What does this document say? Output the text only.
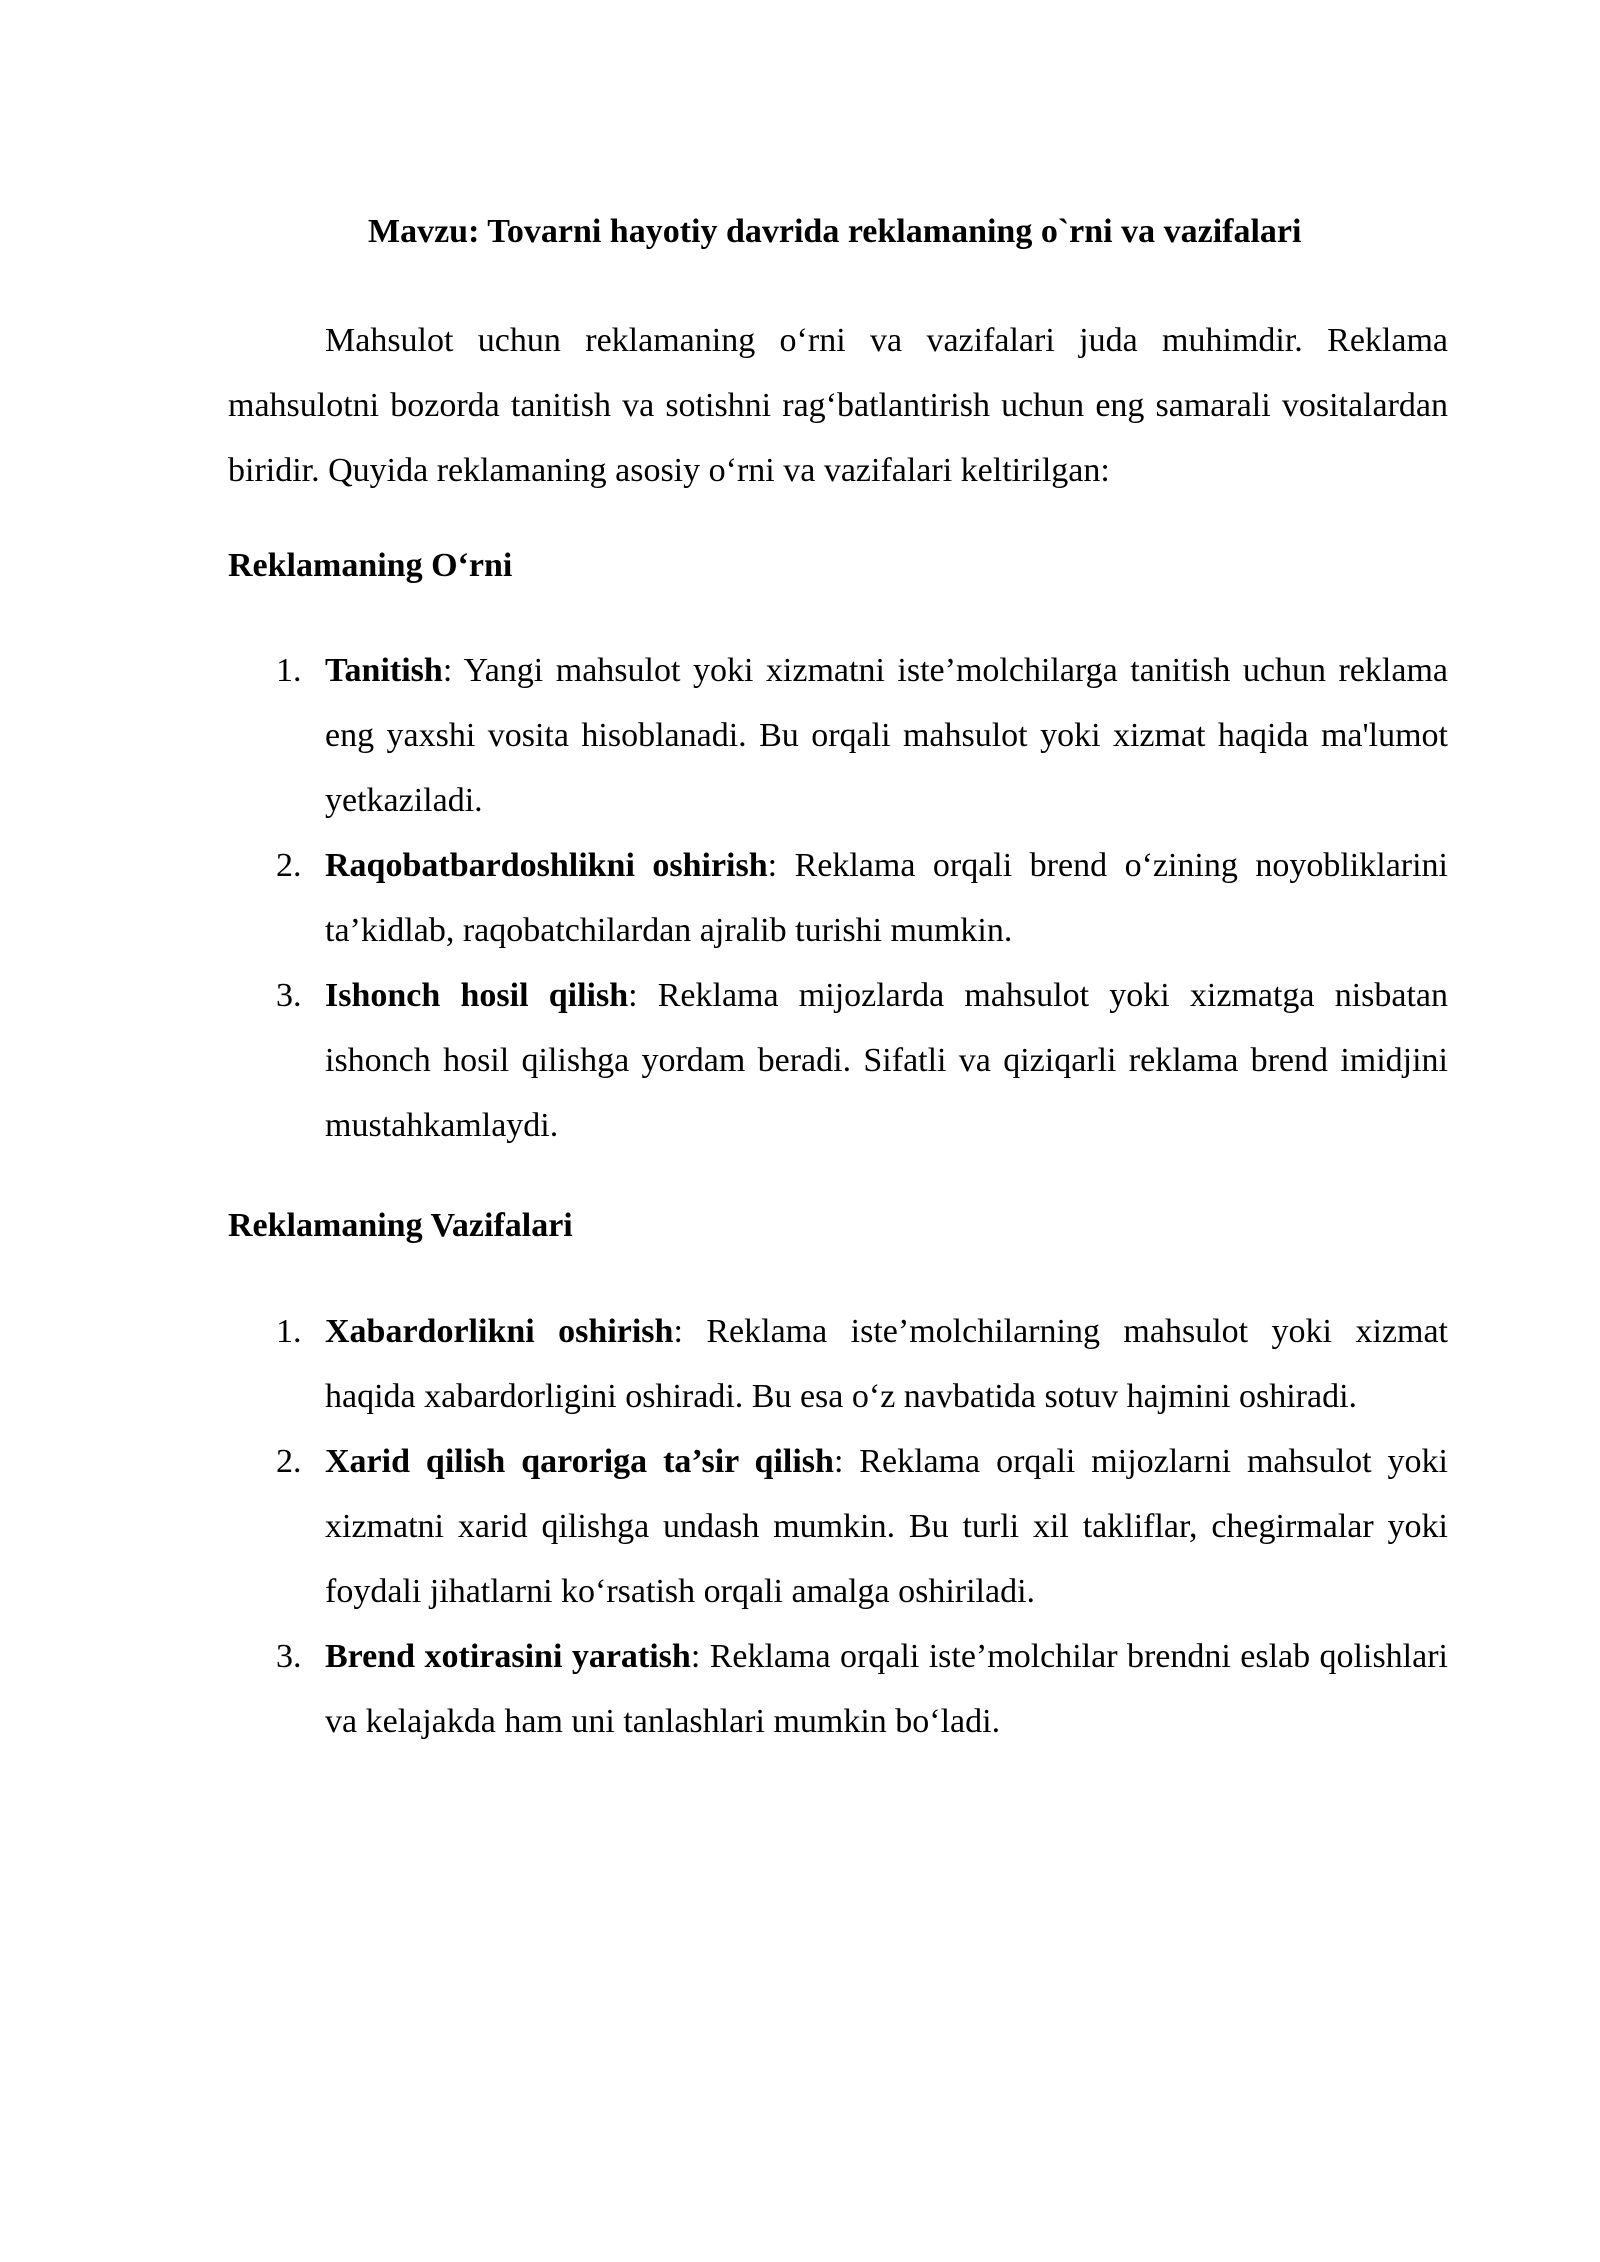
Mavzu: Tovarni hayotiy davrida reklamaning o`rni va vazifalari

Mahsulot uchun reklamaning o‘rni va vazifalari juda muhimdir. Reklama mahsulotni bozorda tanitish va sotishni rag‘batlantirish uchun eng samarali vositalardan biridir. Quyida reklamaning asosiy o‘rni va vazifalari keltirilgan:

Reklamaning O‘rni
1. Tanitish: Yangi mahsulot yoki xizmatni iste’molchilarga tanitish uchun reklama eng yaxshi vosita hisoblanadi. Bu orqali mahsulot yoki xizmat haqida ma'lumot yetkaziladi.
2. Raqobatbardoshlikni oshirish: Reklama orqali brend o‘zining noyobliklarini ta’kidlab, raqobatchilardan ajralib turishi mumkin.
3. Ishonch hosil qilish: Reklama mijozlarda mahsulot yoki xizmatga nisbatan ishonch hosil qilishga yordam beradi. Sifatli va qiziqarli reklama brend imidjini mustahkamlaydi.
Reklamaning Vazifalari
1. Xabardorlikni oshirish: Reklama iste’molchilarning mahsulot yoki xizmat haqida xabardorligini oshiradi. Bu esa o‘z navbatida sotuv hajmini oshiradi.
2. Xarid qilish qaroriga ta’sir qilish: Reklama orqali mijozlarni mahsulot yoki xizmatni xarid qilishga undash mumkin. Bu turli xil takliflar, chegirmalar yoki foydali jihatlarni ko‘rsatish orqali amalga oshiriladi.
3. Brend xotirasini yaratish: Reklama orqali iste’molchilar brendni eslab qolishlari va kelajakda ham uni tanlashlari mumkin bo‘ladi.
